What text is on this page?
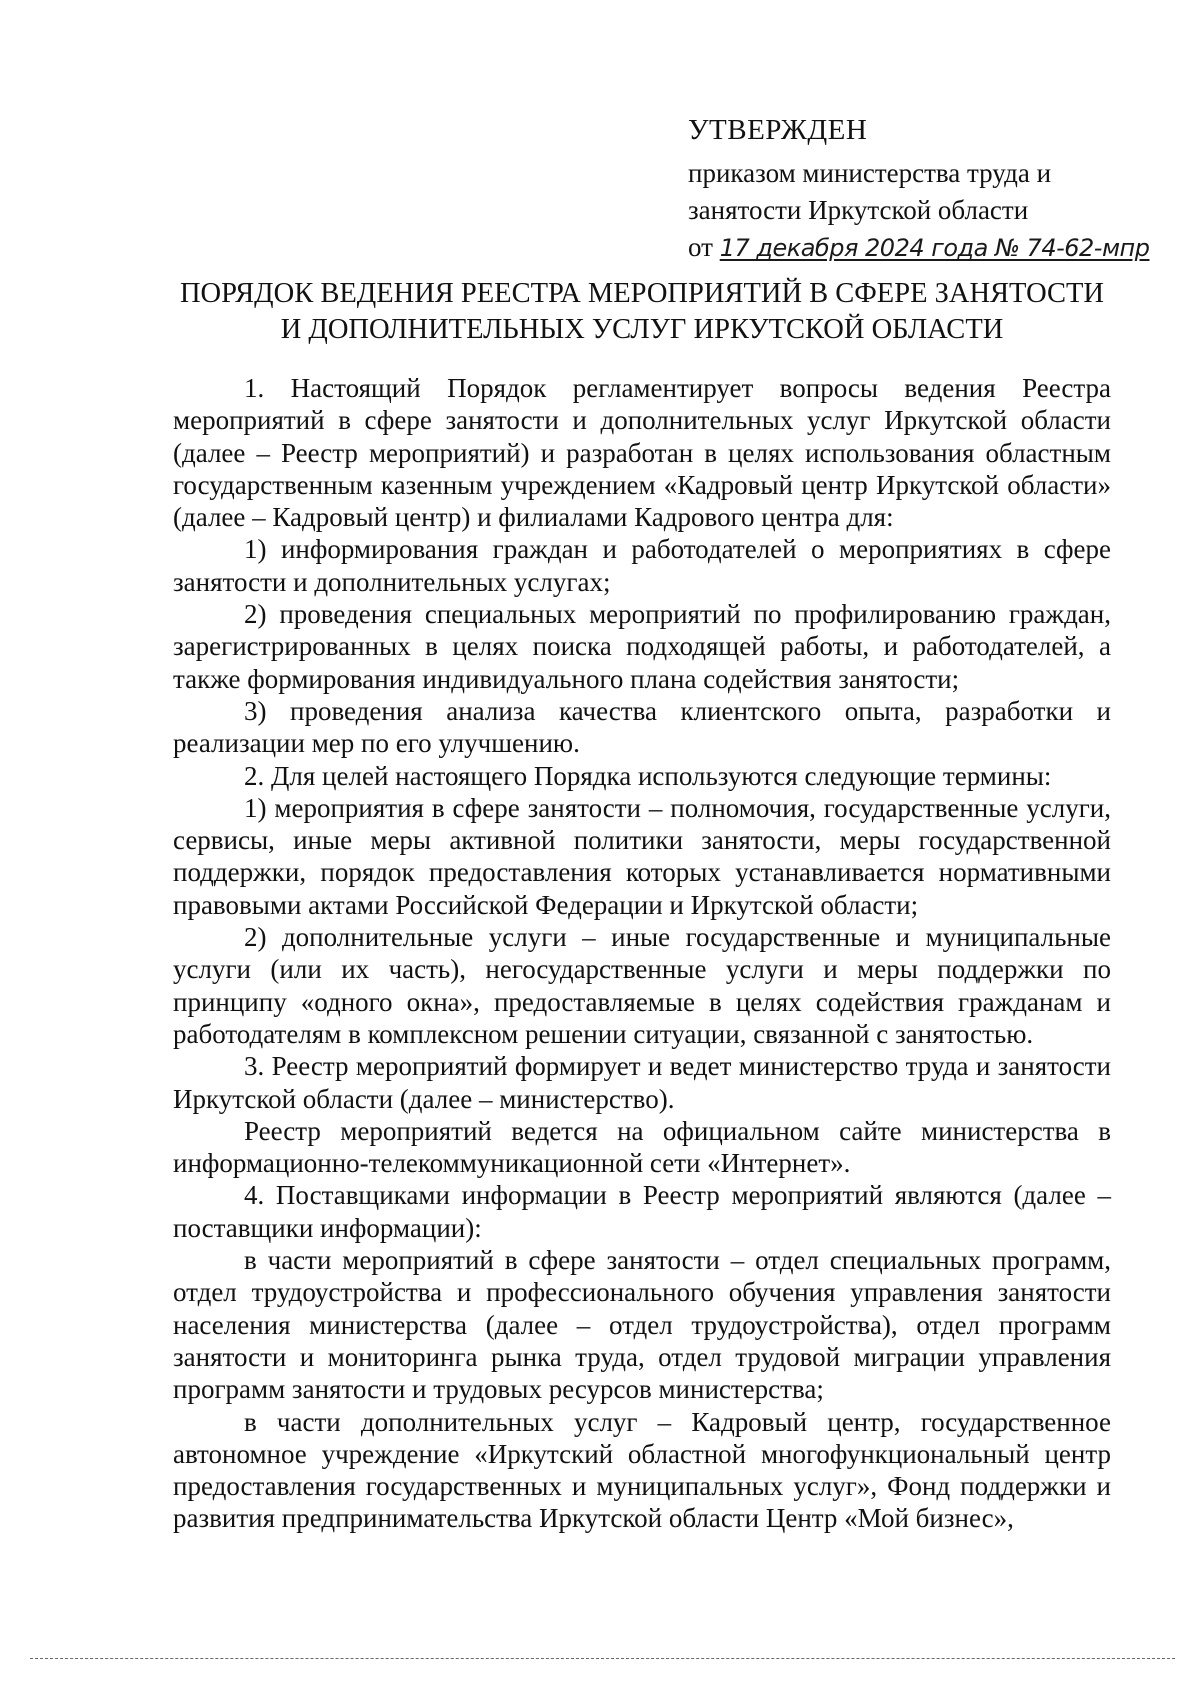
УТВЕРЖДЕН
приказом министерства труда и
занятости Иркутской области
от 17 декабря 2024 года № 74-62-мпр
ПОРЯДОК ВЕДЕНИЯ РЕЕСТРА МЕРОПРИЯТИЙ В СФЕРЕ ЗАНЯТОСТИ
И ДОПОЛНИТЕЛЬНЫХ УСЛУГ ИРКУТСКОЙ ОБЛАСТИ

1. Настоящий Порядок регламентирует вопросы ведения Реестра мероприятий в сфере занятости и дополнительных услуг Иркутской области (далее – Реестр мероприятий) и разработан в целях использования областным государственным казенным учреждением «Кадровый центр Иркутской области» (далее – Кадровый центр) и филиалами Кадрового центра для:

1) информирования граждан и работодателей о мероприятиях в сфере занятости и дополнительных услугах;

2) проведения специальных мероприятий по профилированию граждан, зарегистрированных в целях поиска подходящей работы, и работодателей, а также формирования индивидуального плана содействия занятости;

3) проведения анализа качества клиентского опыта, разработки и реализации мер по его улучшению.

2. Для целей настоящего Порядка используются следующие термины:

1) мероприятия в сфере занятости – полномочия, государственные услуги, сервисы, иные меры активной политики занятости, меры государственной поддержки, порядок предоставления которых устанавливается нормативными правовыми актами Российской Федерации и Иркутской области;

2) дополнительные услуги – иные государственные и муниципальные услуги (или их часть), негосударственные услуги и меры поддержки по принципу «одного окна», предоставляемые в целях содействия гражданам и работодателям в комплексном решении ситуации, связанной с занятостью.

3. Реестр мероприятий формирует и ведет министерство труда и занятости Иркутской области (далее – министерство).

Реестр мероприятий ведется на официальном сайте министерства в информационно-телекоммуникационной сети «Интернет».

4. Поставщиками информации в Реестр мероприятий являются (далее – поставщики информации):

в части мероприятий в сфере занятости – отдел специальных программ, отдел трудоустройства и профессионального обучения управления занятости населения министерства (далее – отдел трудоустройства), отдел программ занятости и мониторинга рынка труда, отдел трудовой миграции управления программ занятости и трудовых ресурсов министерства;

в части дополнительных услуг – Кадровый центр, государственное автономное учреждение «Иркутский областной многофункциональный центр предоставления государственных и муниципальных услуг», Фонд поддержки и развития предпринимательства Иркутской области Центр «Мой бизнес»,
